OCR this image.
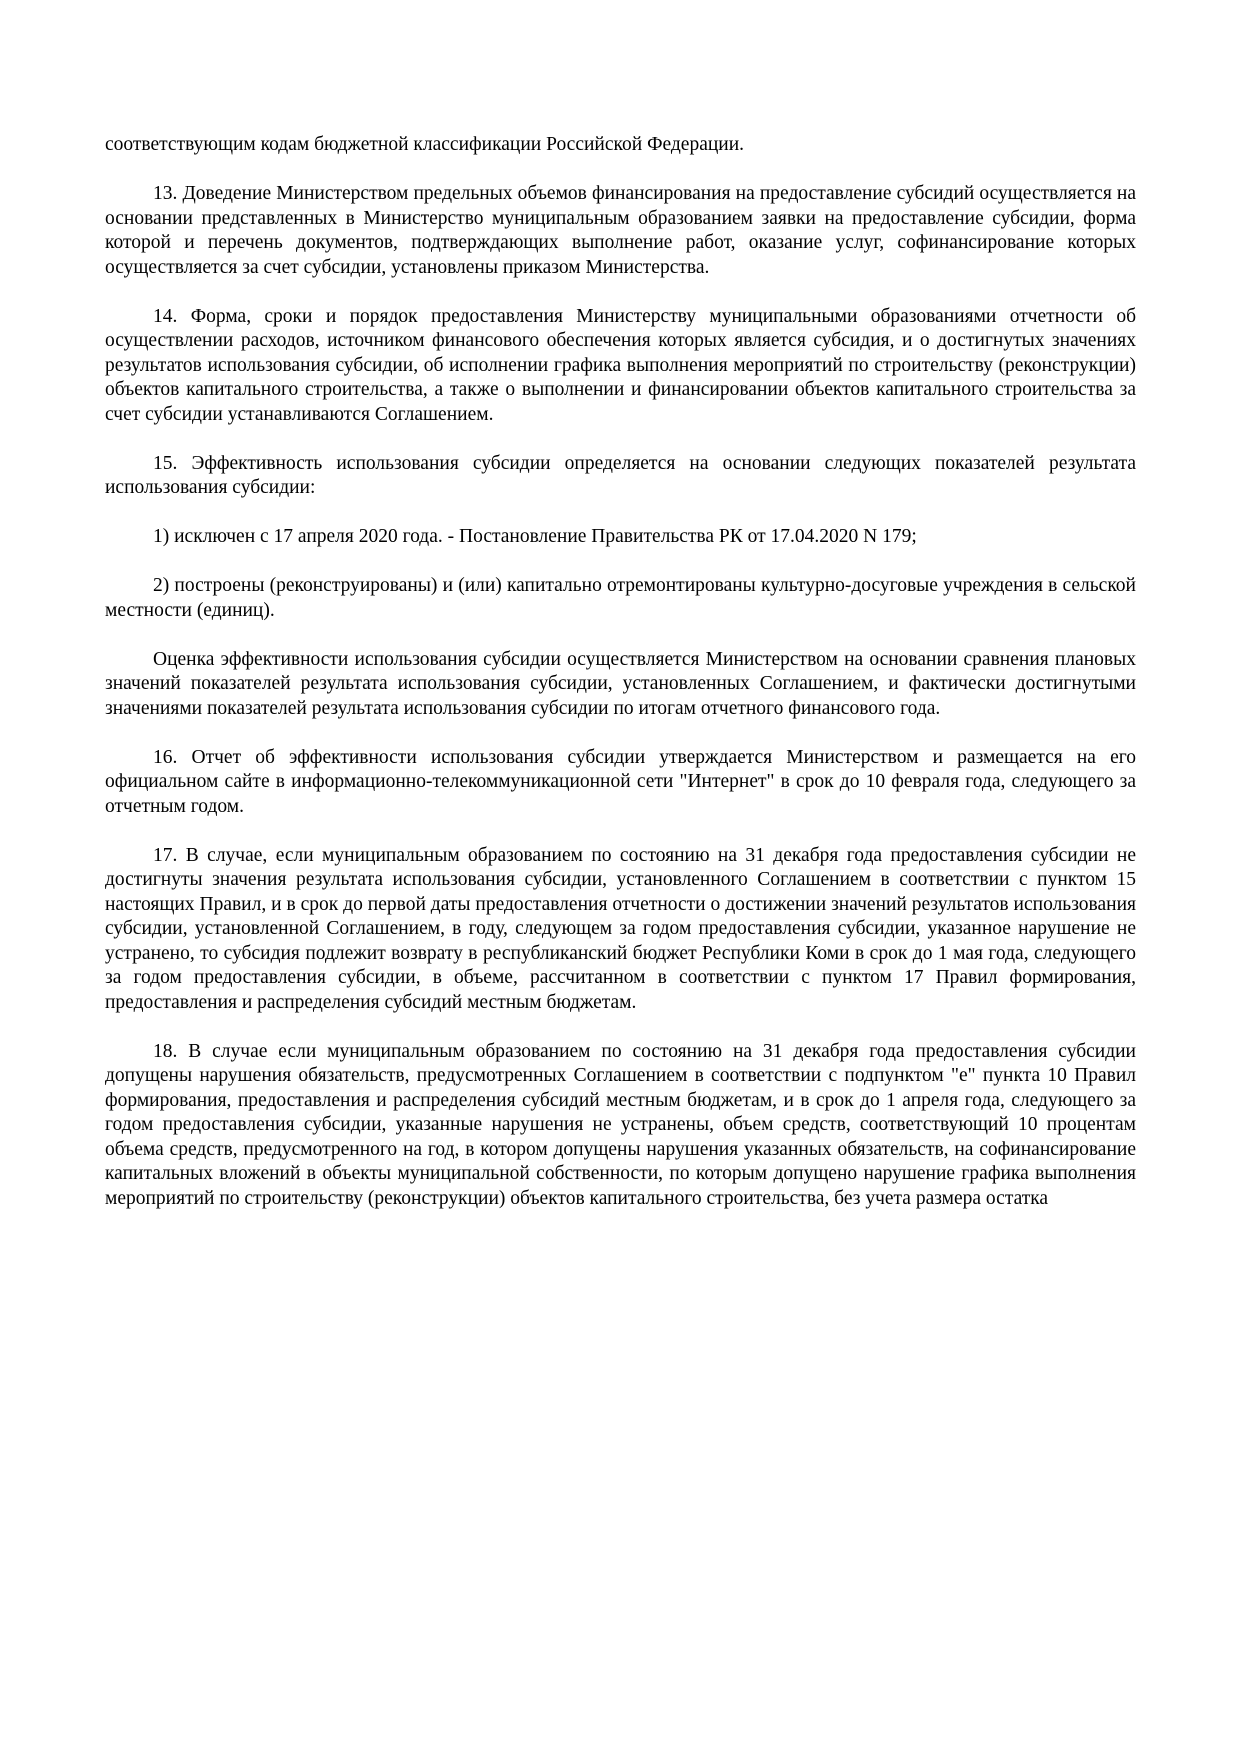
соответствующим кодам бюджетной классификации Российской Федерации.

13. Доведение Министерством предельных объемов финансирования на предоставление субсидий осуществляется на основании представленных в Министерство муниципальным образованием заявки на предоставление субсидии, форма которой и перечень документов, подтверждающих выполнение работ, оказание услуг, софинансирование которых осуществляется за счет субсидии, установлены приказом Министерства.

14. Форма, сроки и порядок предоставления Министерству муниципальными образованиями отчетности об осуществлении расходов, источником финансового обеспечения которых является субсидия, и о достигнутых значениях результатов использования субсидии, об исполнении графика выполнения мероприятий по строительству (реконструкции) объектов капитального строительства, а также о выполнении и финансировании объектов капитального строительства за счет субсидии устанавливаются Соглашением.

15. Эффективность использования субсидии определяется на основании следующих показателей результата использования субсидии:

1) исключен с 17 апреля 2020 года. - Постановление Правительства РК от 17.04.2020 N 179;

2) построены (реконструированы) и (или) капитально отремонтированы культурно-досуговые учреждения в сельской местности (единиц).

Оценка эффективности использования субсидии осуществляется Министерством на основании сравнения плановых значений показателей результата использования субсидии, установленных Соглашением, и фактически достигнутыми значениями показателей результата использования субсидии по итогам отчетного финансового года.

16. Отчет об эффективности использования субсидии утверждается Министерством и размещается на его официальном сайте в информационно-телекоммуникационной сети "Интернет" в срок до 10 февраля года, следующего за отчетным годом.

17. В случае, если муниципальным образованием по состоянию на 31 декабря года предоставления субсидии не достигнуты значения результата использования субсидии, установленного Соглашением в соответствии с пунктом 15 настоящих Правил, и в срок до первой даты предоставления отчетности о достижении значений результатов использования субсидии, установленной Соглашением, в году, следующем за годом предоставления субсидии, указанное нарушение не устранено, то субсидия подлежит возврату в республиканский бюджет Республики Коми в срок до 1 мая года, следующего за годом предоставления субсидии, в объеме, рассчитанном в соответствии с пунктом 17 Правил формирования, предоставления и распределения субсидий местным бюджетам.

18. В случае если муниципальным образованием по состоянию на 31 декабря года предоставления субсидии допущены нарушения обязательств, предусмотренных Соглашением в соответствии с подпунктом "е" пункта 10 Правил формирования, предоставления и распределения субсидий местным бюджетам, и в срок до 1 апреля года, следующего за годом предоставления субсидии, указанные нарушения не устранены, объем средств, соответствующий 10 процентам объема средств, предусмотренного на год, в котором допущены нарушения указанных обязательств, на софинансирование капитальных вложений в объекты муниципальной собственности, по которым допущено нарушение графика выполнения мероприятий по строительству (реконструкции) объектов капитального строительства, без учета размера остатка
